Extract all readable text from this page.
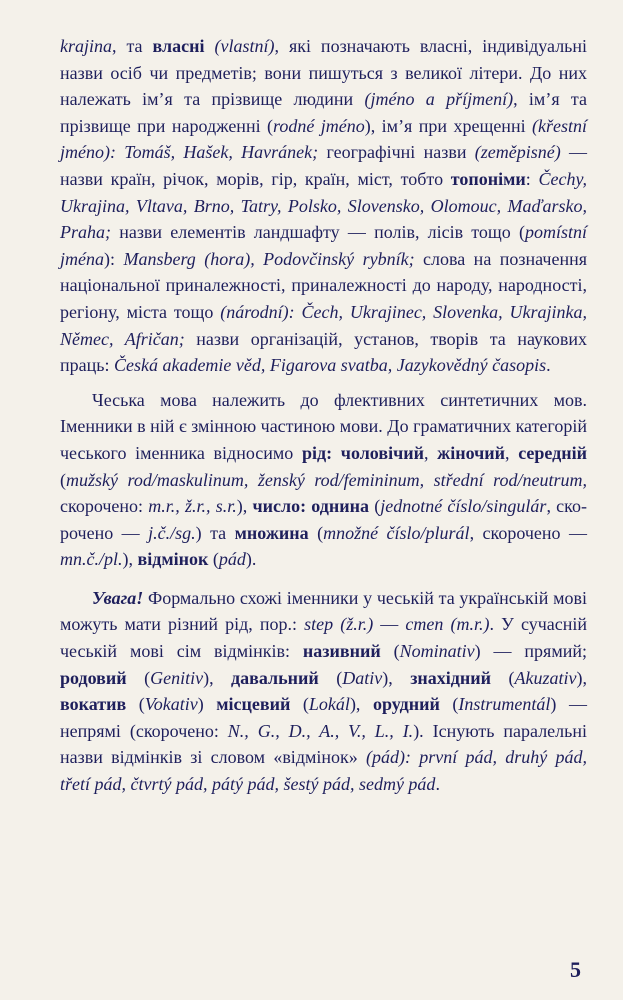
krajina, та власні (vlastní), які позначають власні, індивідуальні назви осіб чи предметів; вони пишуться з великої літери. До них належать ім’я та прізвище людини (jméno a příjmení), ім’я та прізвище при народженні (rodné jméno), ім’я при хрещенні (křestní jméno): Tomáš, Hašek, Havránek; географічні назви (zeměpisné) — назви країн, річок, морів, гір, країн, міст, тобто топоніми: Čechy, Ukrajina, Vltava, Brno, Tatry, Polsko, Slovensko, Olomouc, Maďarsko, Praha; назви елементів ландшафту — полів, лісів тощо (pomístní jména): Mansberg (hora), Podovčinský rybník; слова на позначення національної приналежності, приналежності до народу, народності, регіону, міста тощо (národní): Čech, Ukrajinec, Slovenka, Ukrajinka, Němec, Afričan; назви організацій, установ, творів та наукових праць: Česká akademie věd, Figarova svatba, Jazykovědný časopis.

Чеська мова належить до флективних синтетичних мов. Іменники в ній є змінною частиною мови. До граматичних категорій чеського іменника відносимо рід: чоловічий, жіночий, середній (mužský rod/maskulinum, ženský rod/femininum, střední rod/neutrum, скорочено: m.r., ž.r., s.r.), число: однина (jednotné číslo/singulár, скорочено — j.č./sg.) та множина (množné číslo/plurál, скорочено — mn.č./pl.), відмінок (pád).

Увага! Формально схожі іменники у чеській та українській мові можуть мати різний рід, пор.: step (ž.r.) — степ (m.r.). У сучасній чеській мові сім відмінків: називний (Nominativ) — прямий; родовий (Genitiv), давальний (Dativ), знахідний (Akuzativ), вокатив (Vokativ) місцевий (Lokál), орудний (Instrumentál) — непрямі (скорочено: N., G., D., A., V., L., I.). Існують паралельні назви відмінків зі словом «відмінок» (pád): první pád, druhý pád, třetí pád, čtvrtý pád, pátý pád, šestý pád, sedmý pád.

5
